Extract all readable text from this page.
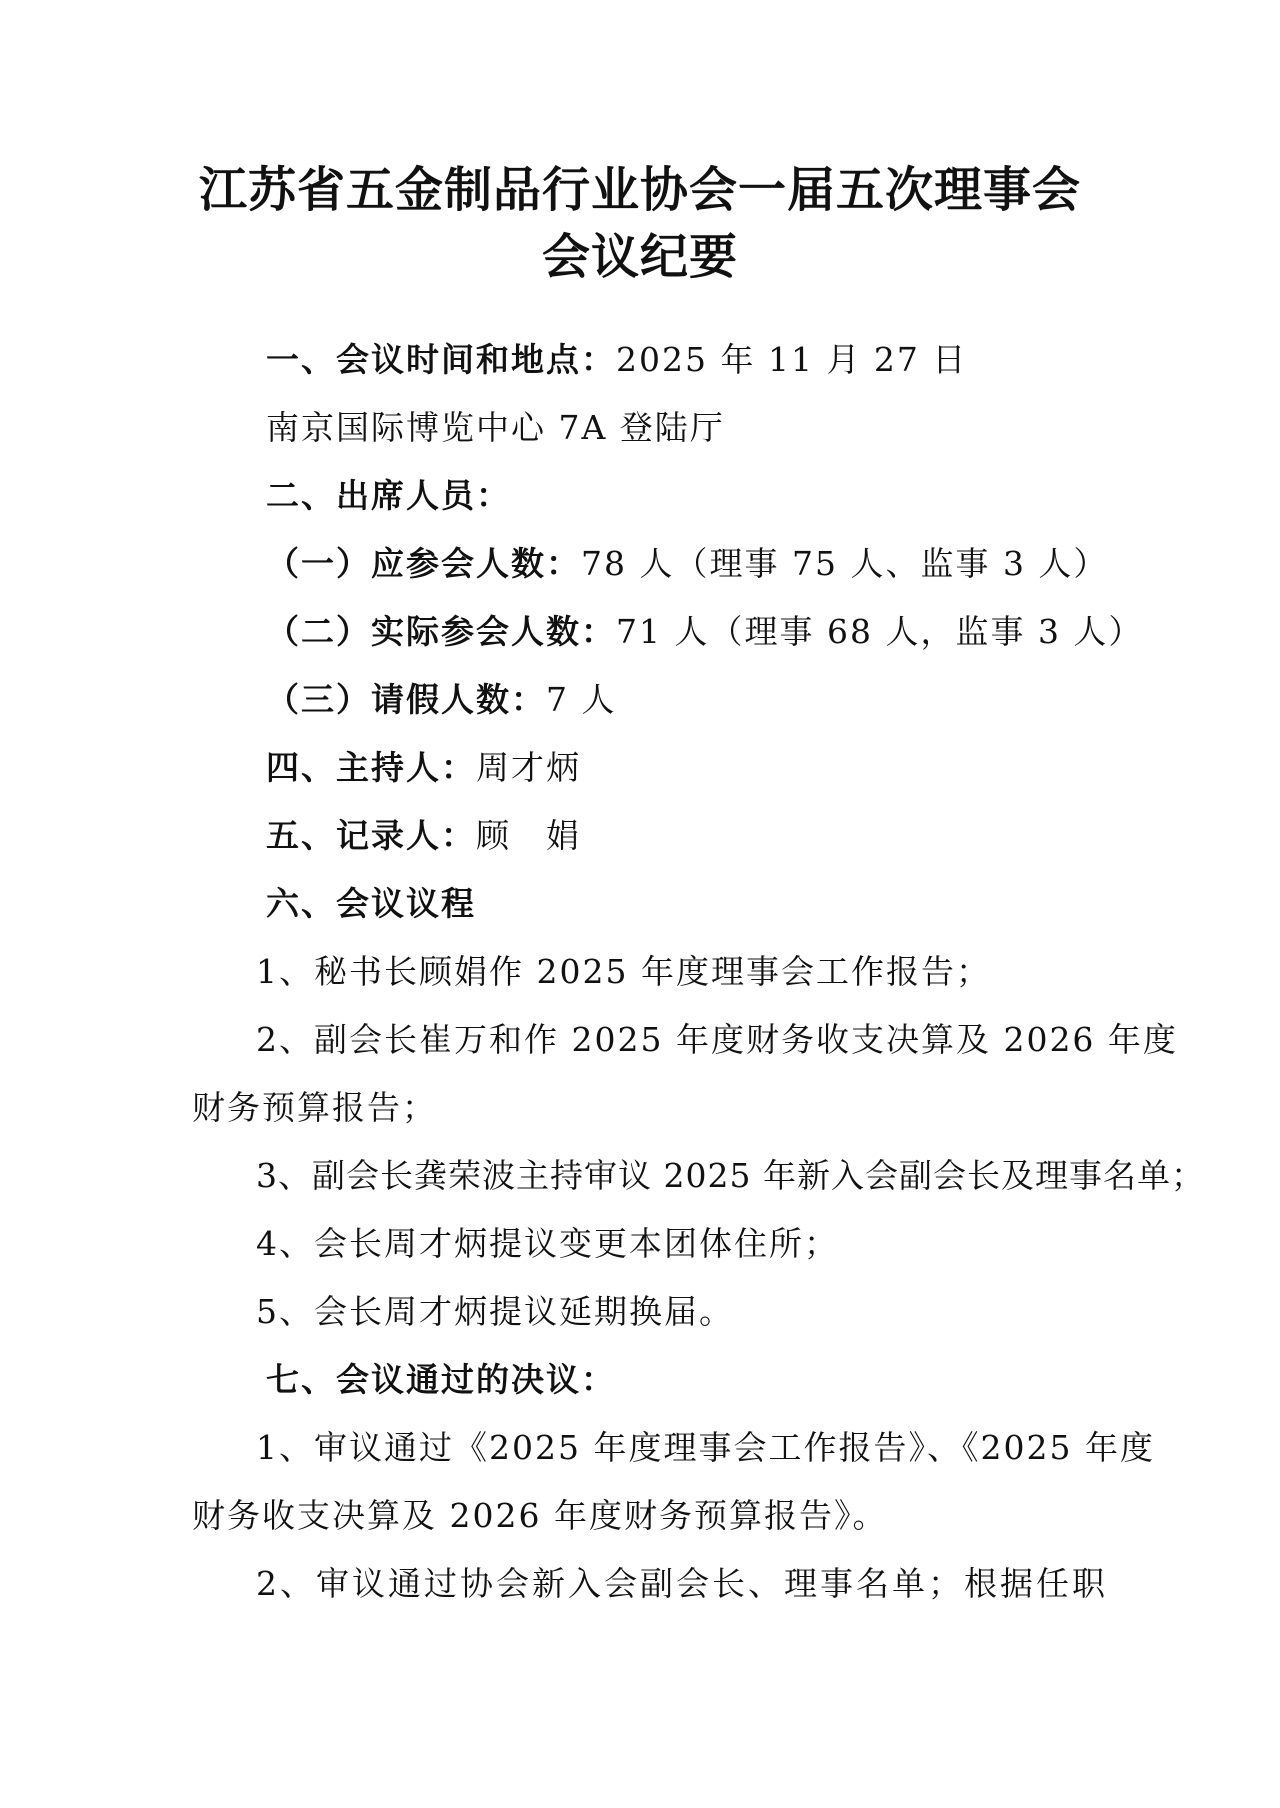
江苏省五金制品行业协会一届五次理事会
会议纪要
一、会议时间和地点：2025 年 11 月 27 日
南京国际博览中心 7A 登陆厅
二、出席人员：
（一）应参会人数：78 人（理事 75 人、监事 3 人）
（二）实际参会人数：71 人（理事 68 人，监事 3 人）
（三）请假人数：7 人
四、主持人：周才炳
五、记录人：顾　娟
六、会议议程
1、秘书长顾娟作 2025 年度理事会工作报告；
2、副会长崔万和作 2025 年度财务收支决算及 2026 年度
财务预算报告；
3、副会长龚荣波主持审议 2025 年新入会副会长及理事名单；
4、会长周才炳提议变更本团体住所；
5、会长周才炳提议延期换届。
七、会议通过的决议：
1、审议通过《2025 年度理事会工作报告》、《2025 年度
财务收支决算及 2026 年度财务预算报告》。
2、审议通过协会新入会副会长、理事名单；根据任职
